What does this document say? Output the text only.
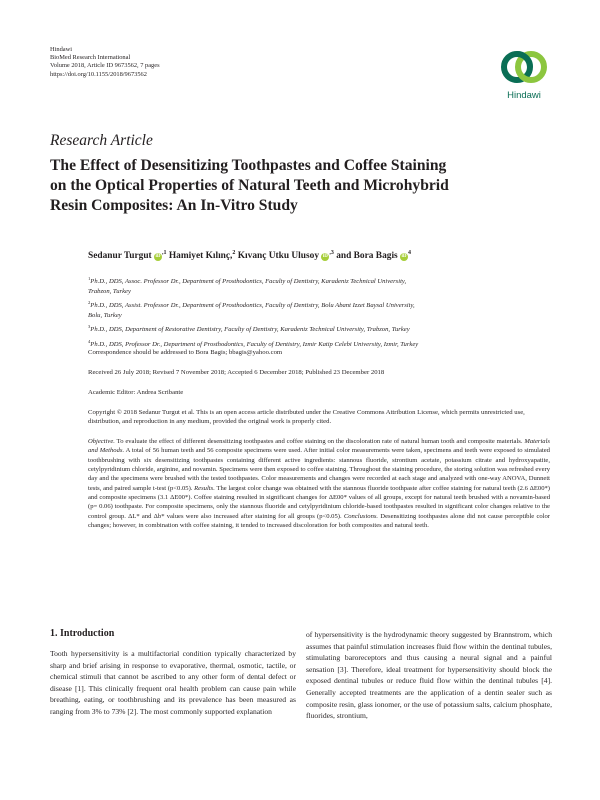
Hindawi
BioMed Research International
Volume 2018, Article ID 9673562, 7 pages
https://doi.org/10.1155/2018/9673562
Hindawi
Research Article
The Effect of Desensitizing Toothpastes and Coffee Staining
on the Optical Properties of Natural Teeth and Microhybrid
Resin Composites: An In-Vitro Study
Sedanur Turgut $iD^{,1}$ Hamiyet Kılınç,$^2$ Kıvanç Utku Ulusoy $iD^{,3}$ and Bora Bagis $iD^4$
$^1$Ph.D., DDS, Assoc. Professor Dr., Department of Prosthodontics, Faculty of Dentistry, Karadeniz Technical University,
Trabzon, Turkey
$^2$Ph.D., DDS, Assist. Professor Dr., Department of Prosthodontics, Faculty of Dentistry, Bolu Abant Izzet Baysal University,
Bolu, Turkey
$^3$Ph.D., DDS, Department of Restorative Dentistry, Faculty of Dentistry, Karadeniz Technical University, Trabzon, Turkey
$^4$Ph.D., DDS, Professor Dr., Department of Prosthodontics, Faculty of Dentistry, Izmir Katip Celebi University, Izmir, Turkey
Correspondence should be addressed to Bora Bagis; bbagis@yahoo.com
Received 26 July 2018; Revised 7 November 2018; Accepted 6 December 2018; Published 23 December 2018
Academic Editor: Andrea Scribante
Copyright © 2018 Sedanur Turgut et al. This is an open access article distributed under the Creative Commons Attribution License, which permits unrestricted use, distribution, and reproduction in any medium, provided the original work is properly cited.
Objective. To evaluate the effect of different desensitizing toothpastes and coffee staining on the discoloration rate of natural human tooth and composite materials. Materials and Methods. A total of 56 human teeth and 56 composite specimens were used. After initial color measurements were taken, specimens and teeth were exposed to simulated toothbrushing with six desensitizing toothpastes containing different active ingredients: stannous fluoride, strontium acetate, potassium citrate and hydroxyapatite, cetylpyridinium chloride, arginine, and novamin. Specimens were then exposed to coffee staining. Throughout the staining procedure, the storing solution was refreshed every day and the specimens were brushed with the tested toothpastes. Color measurements and changes were recorded at each stage and analyzed with one-way ANOVA, Dunnett tests, and paired sample t-test (p<0.05). Results. The largest color change was obtained with the stannous fluoride toothpaste after coffee staining for natural teeth (2.6 ΔE00*) and composite specimens (3.1 ΔE00*). Coffee staining resulted in significant changes for ΔE00* values of all groups, except for natural teeth brushed with a novamin-based (p= 0.06) toothpaste. For composite specimens, only the stannous fluoride and cetylpyridinium chloride-based toothpastes resulted in significant color changes relative to the control group. ΔL* and Δb* values were also increased after staining for all groups (p<0.05). Conclusions. Desensitizing toothpastes alone did not cause perceptible color changes; however, in combination with coffee staining, it tended to increased discoloration for both composites and natural teeth.
1. Introduction
Tooth hypersensitivity is a multifactorial condition typically characterized by sharp and brief arising in response to evaporative, thermal, osmotic, tactile, or chemical stimuli that cannot be ascribed to any other form of dental defect or disease [1]. This clinically frequent oral health problem can cause pain while breathing, eating, or toothbrushing and its prevalence has been measured as ranging from 3% to 73% [2]. The most commonly supported explanation
of hypersensitivity is the hydrodynamic theory suggested by Brannstrom, which assumes that painful stimulation increases fluid flow within the dentinal tubules, stimulating baroreceptors and thus causing a neural signal and a painful sensation [3]. Therefore, ideal treatment for hypersensitivity should block the exposed dentinal tubules or reduce fluid flow within the dentinal tubules [4]. Generally accepted treatments are the application of a dentin sealer such as composite resin, glass ionomer, or the use of potassium salts, calcium phosphate, fluorides, strontium,
